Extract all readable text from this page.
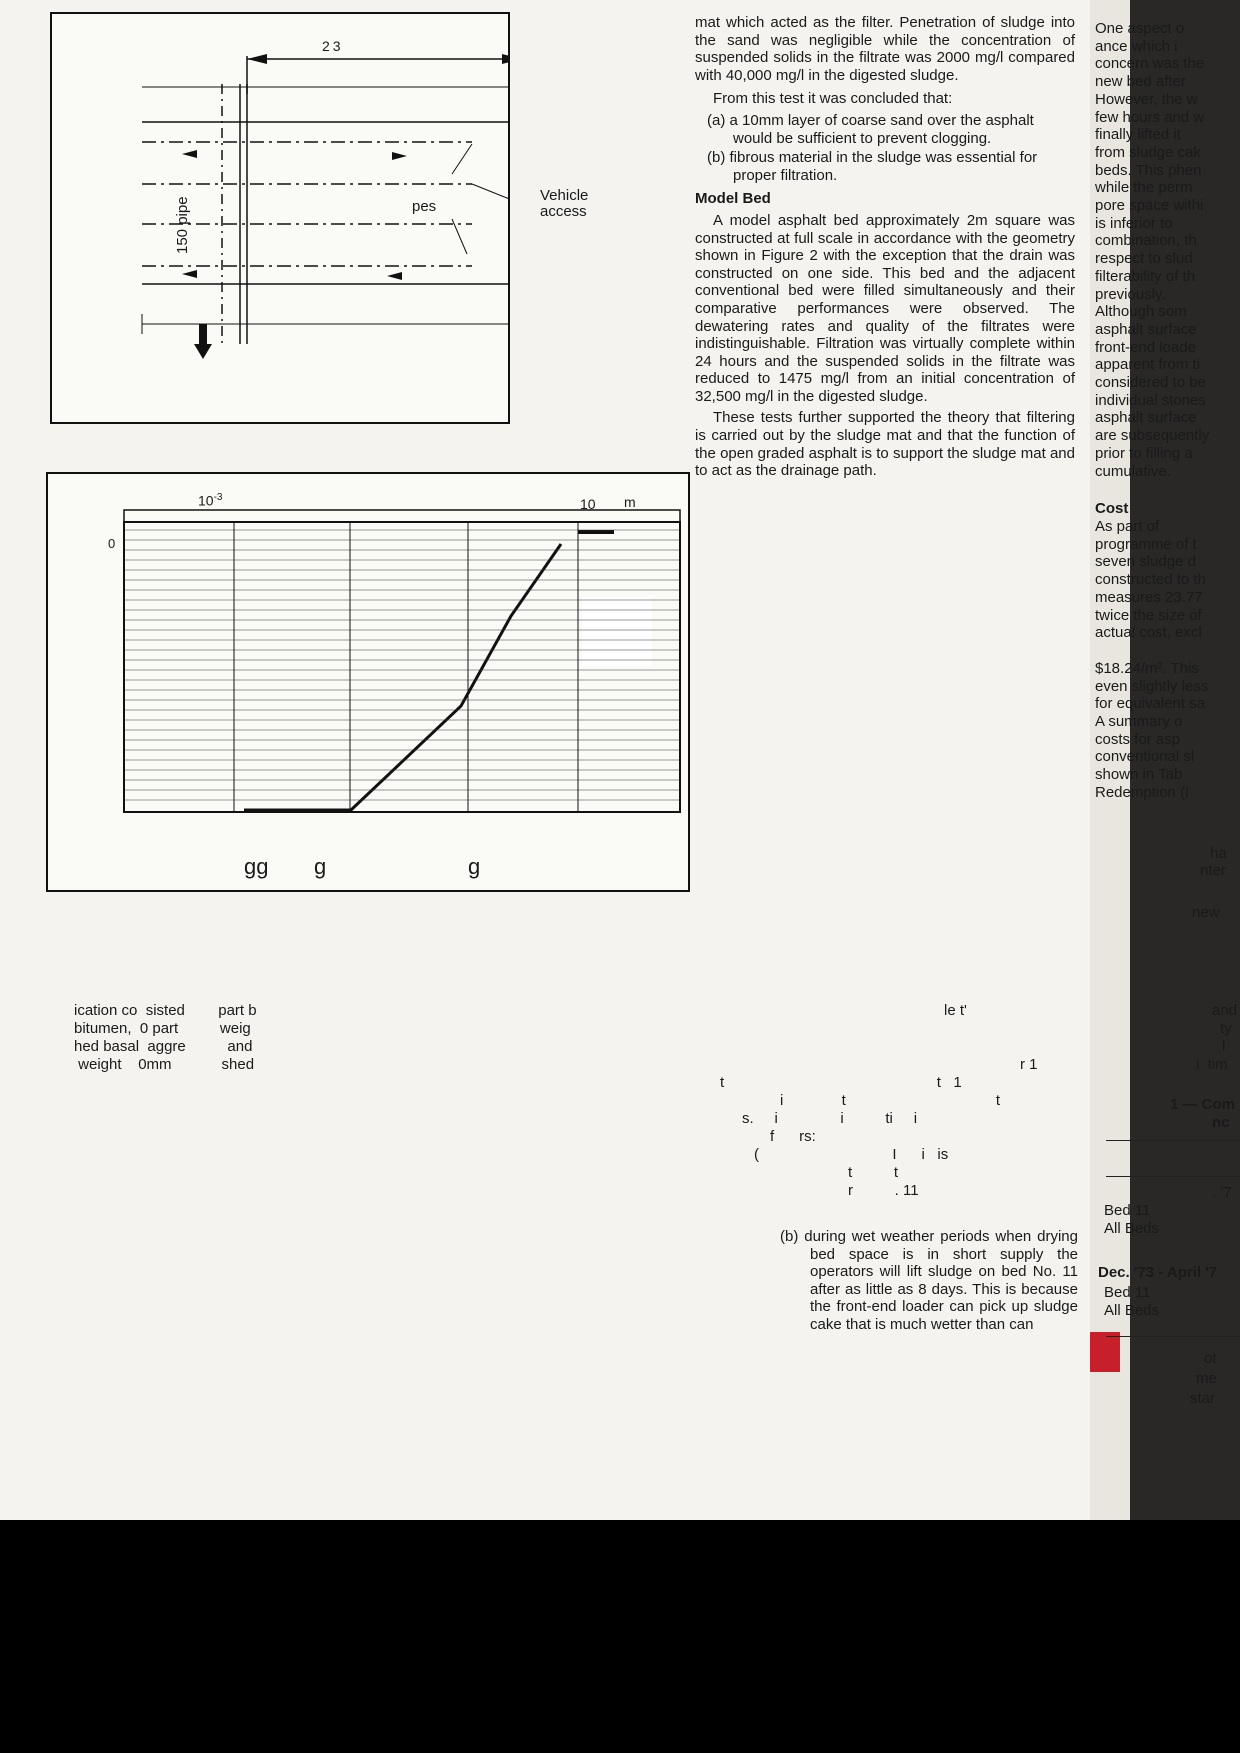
23
150 pipe	pes
$10^{-3}$	10 m
0
gg g	g
Vehicle
access

mat which acted as the filter. Penetration of sludge into the sand was negligible while the concentration of suspended solids in the filtrate was 2000 mg/l compared with 40,000 mg/l in the digested sludge.

From this test it was concluded that:

(a) a 10mm layer of coarse sand over the asphalt would be sufficient to prevent clogging.
(b) fibrous material in the sludge was essential for proper filtration.
Model Bed

A model asphalt bed approximately 2m square was constructed at full scale in accordance with the geometry shown in Figure 2 with the exception that the drain was constructed on one side. This bed and the adjacent conventional bed were filled simultaneously and their comparative performances were observed. The dewatering rates and quality of the filtrates were indistinguishable. Filtration was virtually complete within 24 hours and the suspended solids in the filtrate was reduced to 1475 mg/l from an initial concentration of 32,500 mg/l in the digested sludge.

These tests further supported the theory that filtering is carried out by the sludge mat and that the function of the open graded asphalt is to support the sludge mat and to act as the drainage path.

ication co  sisted        part b
bitumen,  0 part          weig
hed basal  aggre          and
weight    0mm            shed
le t'
r 1
t                                                   t   1
i              t                                    t
s.     i               i          ti     i
f      rs:
(                                I      i   is
t          t
r          . 11
(b) during wet weather periods when drying bed space is in short supply the operators will lift sludge on bed No. 11 after as little as 8 days. This is because the front-end loader can pick up sludge cake that is much wetter than can
One aspect o
ance which i
concern was the
new bed after
However, the w
few hours and w
finally lifted it
from sludge cak
beds. This phen
while the perm
pore space withi
is inferior to
combination, th
respect to slud
filterability of th
previously.
Although som
asphalt surface
front-end loade
apparent from ti
considered to be
individual stones
asphalt surface
are subsequently
prior to filling a
cumulative.
Cost
As part of
programme of t
seven sludge d
constructed to th
measures 23.77
twice the size of
actual cost, excl
$18.24/m². This
even slightly less
for equivalent sa
A summary o
costs for asp
conventional sl
shown in Tab
Redemption (I
ha
nter
new
and
ty
l
i  tim
1 — Com
nc
. '7
Bed 11
All Beds
Dec. '73 - April '7
Bed 11
All Beds
ot
me
star
